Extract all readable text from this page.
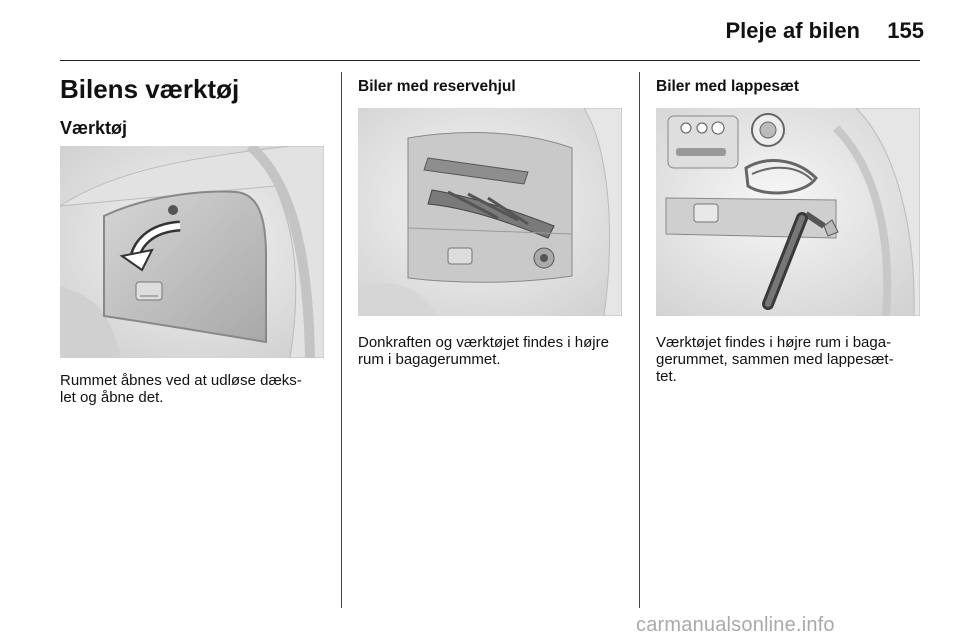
Pleje af bilen	155
Bilens værktøj
Værktøj
Rummet åbnes ved at udløse dæks-
let og åbne det.
Biler med reservehjul
Donkraften og værktøjet findes i højre
rum i bagagerummet.
Biler med lappesæt
Værktøjet findes i højre rum i baga-
gerummet, sammen med lappesæt-
tet.
carmanualsonline.info
